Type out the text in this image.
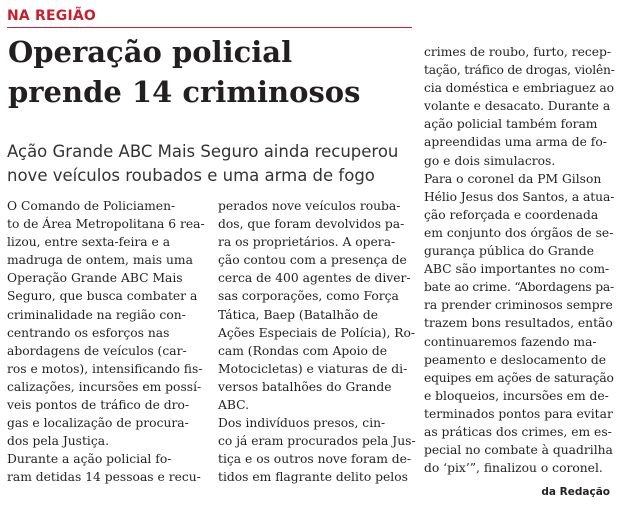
NA REGIÃO
Operação policial
prende 14 criminosos
Ação Grande ABC Mais Seguro ainda recuperou
nove veículos roubados e uma arma de fogo
O Comando de Policiamen-
to de Área Metropolitana 6 rea-
lizou, entre sexta-feira e a
madruga de ontem, mais uma
Operação Grande ABC Mais
Seguro, que busca combater a
criminalidade na região con-
centrando os esforços nas
abordagens de veículos (car-
ros e motos), intensificando fis-
calizações, incursões em possí-
veis pontos de tráfico de dro-
gas e localização de procura-
dos pela Justiça.
Durante a ação policial fo-
ram detidas 14 pessoas e recu-
perados nove veículos rouba-
dos, que foram devolvidos pa-
ra os proprietários. A opera-
ção contou com a presença de
cerca de 400 agentes de diver-
sas corporações, como Força
Tática, Baep (Batalhão de
Ações Especiais de Polícia), Ro-
cam (Rondas com Apoio de
Motocicletas) e viaturas de di-
versos batalhões do Grande
ABC.
Dos indivíduos presos, cin-
co já eram procurados pela Jus-
tiça e os outros nove foram de-
tidos em flagrante delito pelos
crimes de roubo, furto, recep-
tação, tráfico de drogas, violên-
cia doméstica e embriaguez ao
volante e desacato. Durante a
ação policial também foram
apreendidas uma arma de fo-
go e dois simulacros.
Para o coronel da PM Gilson
Hélio Jesus dos Santos, a atua-
ção reforçada e coordenada
em conjunto dos órgãos de se-
gurança pública do Grande
ABC são importantes no com-
bate ao crime. “Abordagens pa-
ra prender criminosos sempre
trazem bons resultados, então
continuaremos fazendo ma-
peamento e deslocamento de
equipes em ações de saturação
e bloqueios, incursões em de-
terminados pontos para evitar
as práticas dos crimes, em es-
pecial no combate à quadrilha
do ‘pix’”, finalizou o coronel.
da Redação
